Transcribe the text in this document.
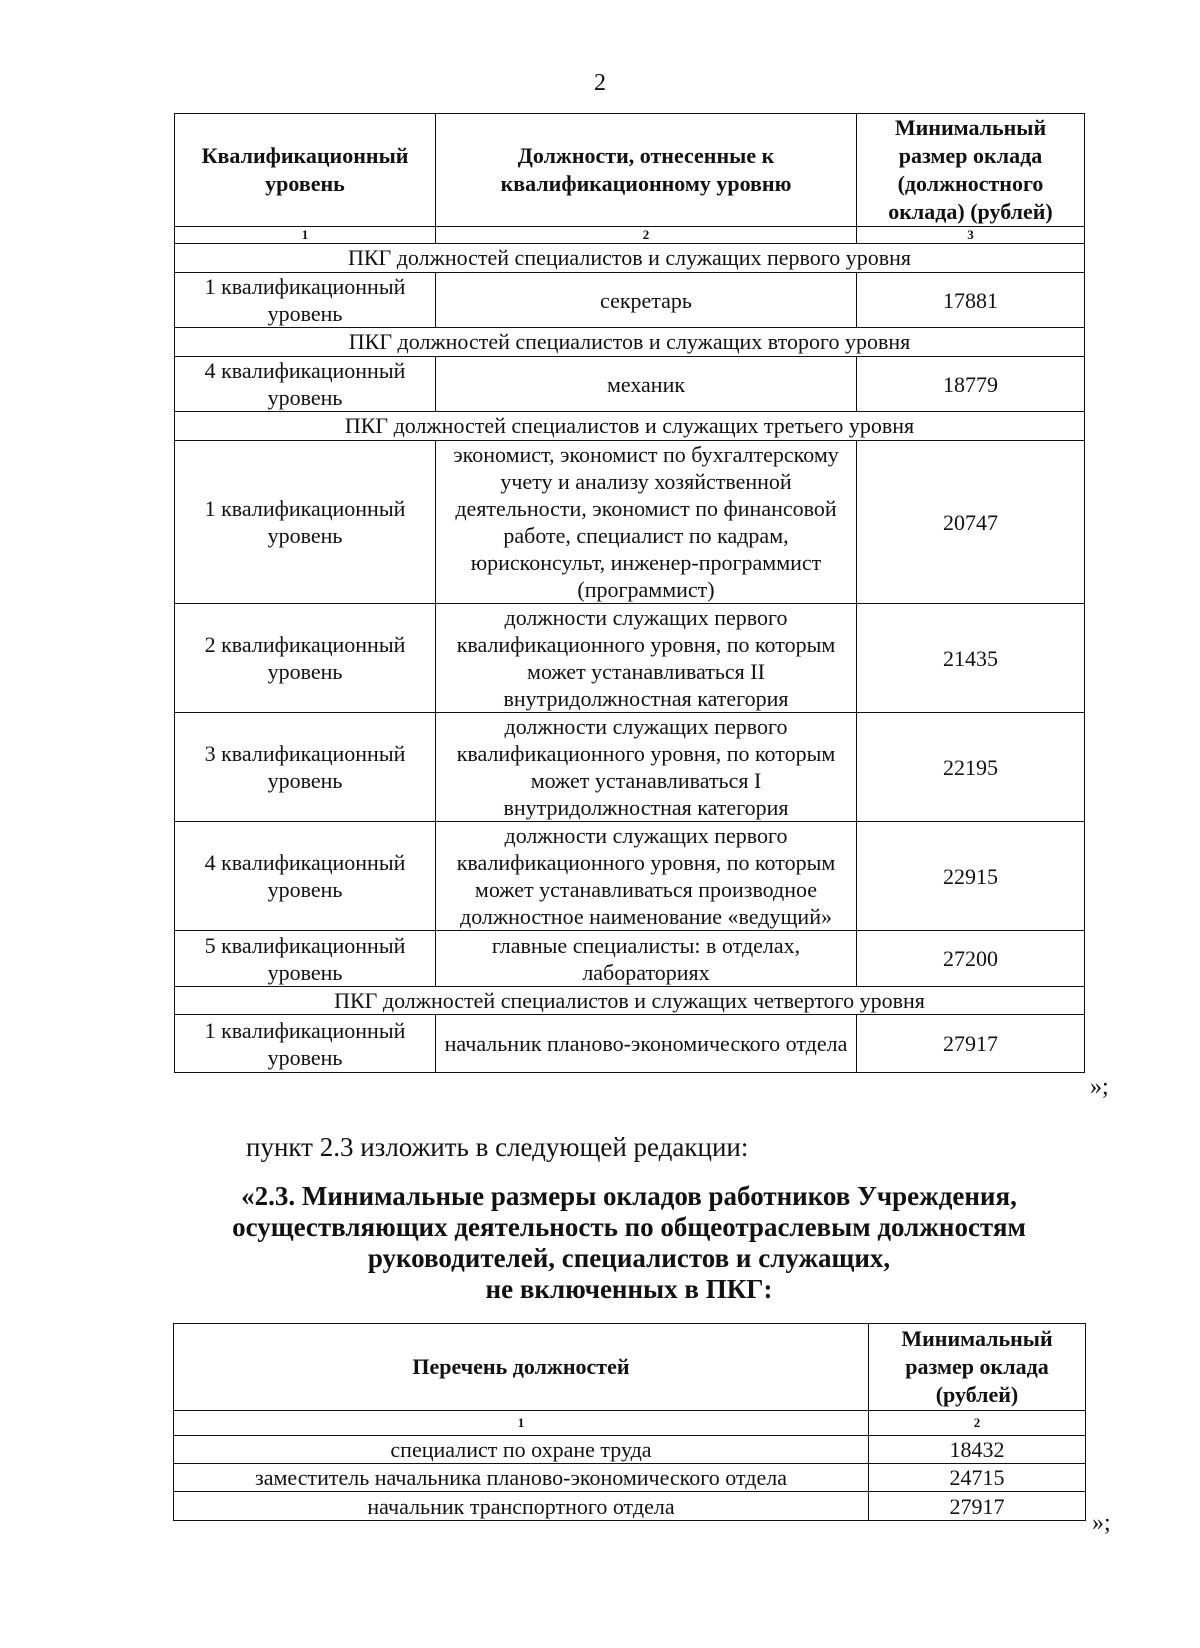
2
Квалификационный уровень	Должности, отнесенные к квалификационному уровню	Минимальный размер оклада (должностного оклада) (рублей)
1	2	3
ПКГ должностей специалистов и служащих первого уровня		
1 квалификационный уровень	секретарь	17881
ПКГ должностей специалистов и служащих второго уровня		
4 квалификационный уровень	механик	18779
ПКГ должностей специалистов и служащих третьего уровня		
1 квалификационный уровень	экономист, экономист по бухгалтерскому учету и анализу хозяйственной деятельности, экономист по финансовой работе, специалист по кадрам, юрисконсульт, инженер-программист (программист)	20747
2 квалификационный уровень	должности служащих первого квалификационного уровня, по которым может устанавливаться II внутридолжностная категория	21435
3 квалификационный уровень	должности служащих первого квалификационного уровня, по которым может устанавливаться I внутридолжностная категория	22195
4 квалификационный уровень	должности служащих первого квалификационного уровня, по которым может устанавливаться производное должностное наименование «ведущий»	22915
5 квалификационный уровень	главные специалисты: в отделах, лабораториях	27200
ПКГ должностей специалистов и служащих четвертого уровня		
1 квалификационный уровень	начальник планово-экономического отдела	27917
»;
пункт 2.3 изложить в следующей редакции:
«2.3. Минимальные размеры окладов работников Учреждения,
осуществляющих деятельность по общеотраслевым должностям
руководителей, специалистов и служащих,
не включенных в ПКГ:
Перечень должностей	Минимальный размер оклада (рублей)
1	2
специалист по охране труда	18432
заместитель начальника планово-экономического отдела	24715
начальник транспортного отдела	27917
»;
